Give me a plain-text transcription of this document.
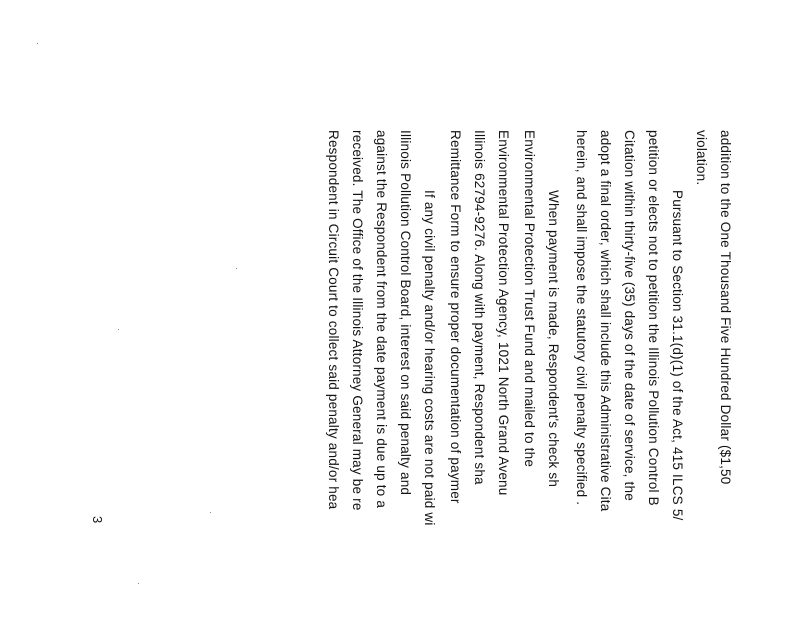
3
addition to the One Thousand Five Hundred Dollar ($1,50
violation.
Pursuant to Section 31.1(d)(1) of the Act, 415 ILCS 5/
petition or elects not to petition the Illinois Pollution Control B
Citation within thirty-five (35) days of the date of service, the
adopt a final order, which shall include this Administrative Cita
herein, and shall impose the statutory civil penalty specified .
When payment is made, Respondent's check sh
Environmental Protection Trust Fund and mailed to the
Environmental Protection Agency, 1021 North Grand Avenu
Illinois 62794-9276. Along with payment, Respondent sha
Remittance Form to ensure proper documentation of paymer
If any civil penalty and/or hearing costs are not paid wi
Illinois Pollution Control Board, interest on said penalty and
against the Respondent from the date payment is due up to a
received. The Office of the Illinois Attorney General may be re
Respondent in Circuit Court to collect said penalty and/or hea
